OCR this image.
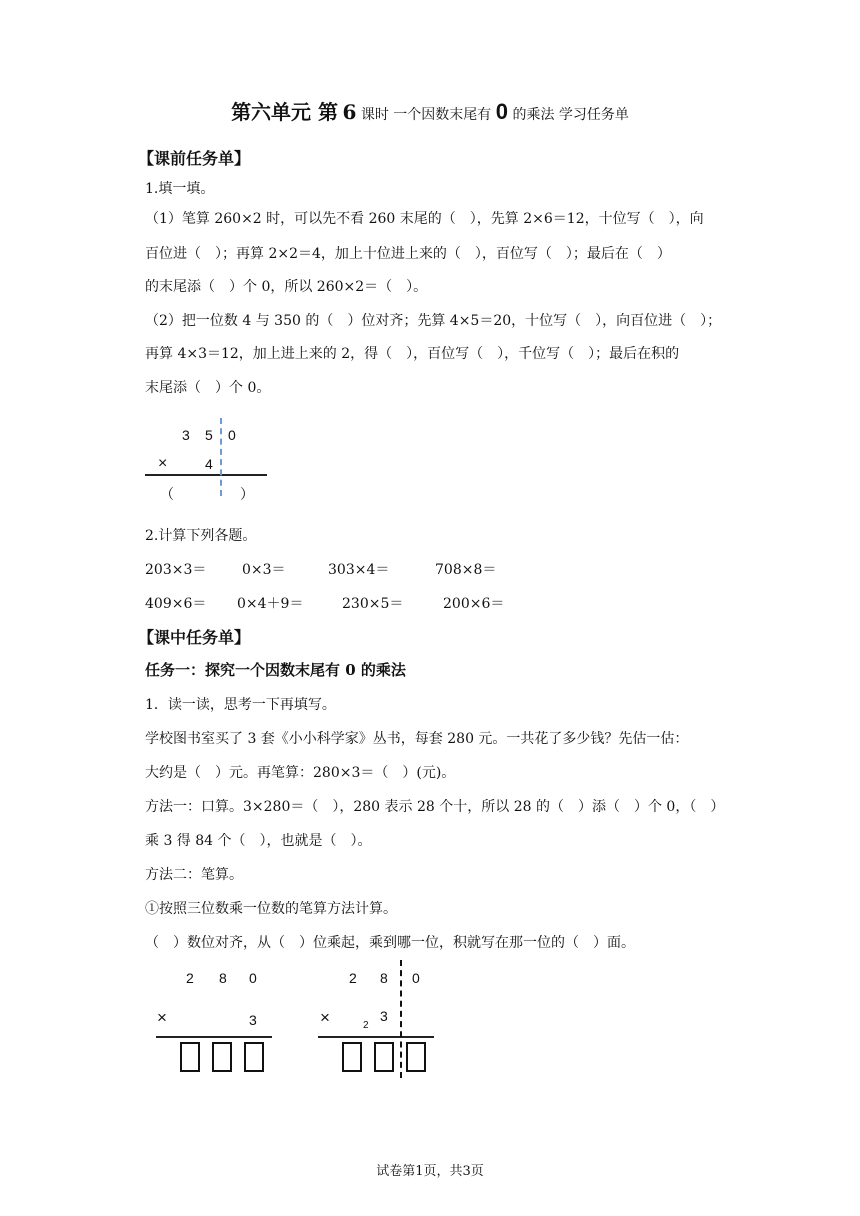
第六单元 第 6 课时 一个因数末尾有 0 的乘法 学习任务单
【课前任务单】
1.填一填。
（1）笔算 260×2 时，可以先不看 260 末尾的（　），先算 2×6＝12，十位写（　），向
百位进（　）；再算 2×2＝4，加上十位进上来的（　），百位写（　）；最后在（　）
的末尾添（　）个 0，所以 260×2＝（　）。
（2）把一位数 4 与 350 的（　）位对齐；先算 4×5＝20，十位写（　），向百位进（　）；
再算 4×3＝12，加上进上来的 2，得（　），百位写（　），千位写（　）；最后在积的
末尾添（　）个 0。
3 5 0
×	4
（	）
2.计算下列各题。
203×3＝	0×3＝	303×4＝	708×8＝
409×6＝ 0×4＋9＝	230×5＝	200×6＝
【课中任务单】
任务一：探究一个因数末尾有 0 的乘法
1．读一读，思考一下再填写。
学校图书室买了 3 套《小小科学家》丛书，每套 280 元。一共花了多少钱？先估一估：
大约是（　）元。再笔算：280×3＝（　）(元)。
方法一：口算。3×280＝（　），280 表示 28 个十，所以 28 的（　）添（　）个 0，（　）
乘 3 得 84 个（　），也就是（　）。
方法二：笔算。
①按照三位数乘一位数的笔算方法计算。
（　）数位对齐，从（　）位乘起，乘到哪一位，积就写在那一位的（　）面。
2 8 0
×	3
2 8 0
×	2
3
试卷第1页，共3页
